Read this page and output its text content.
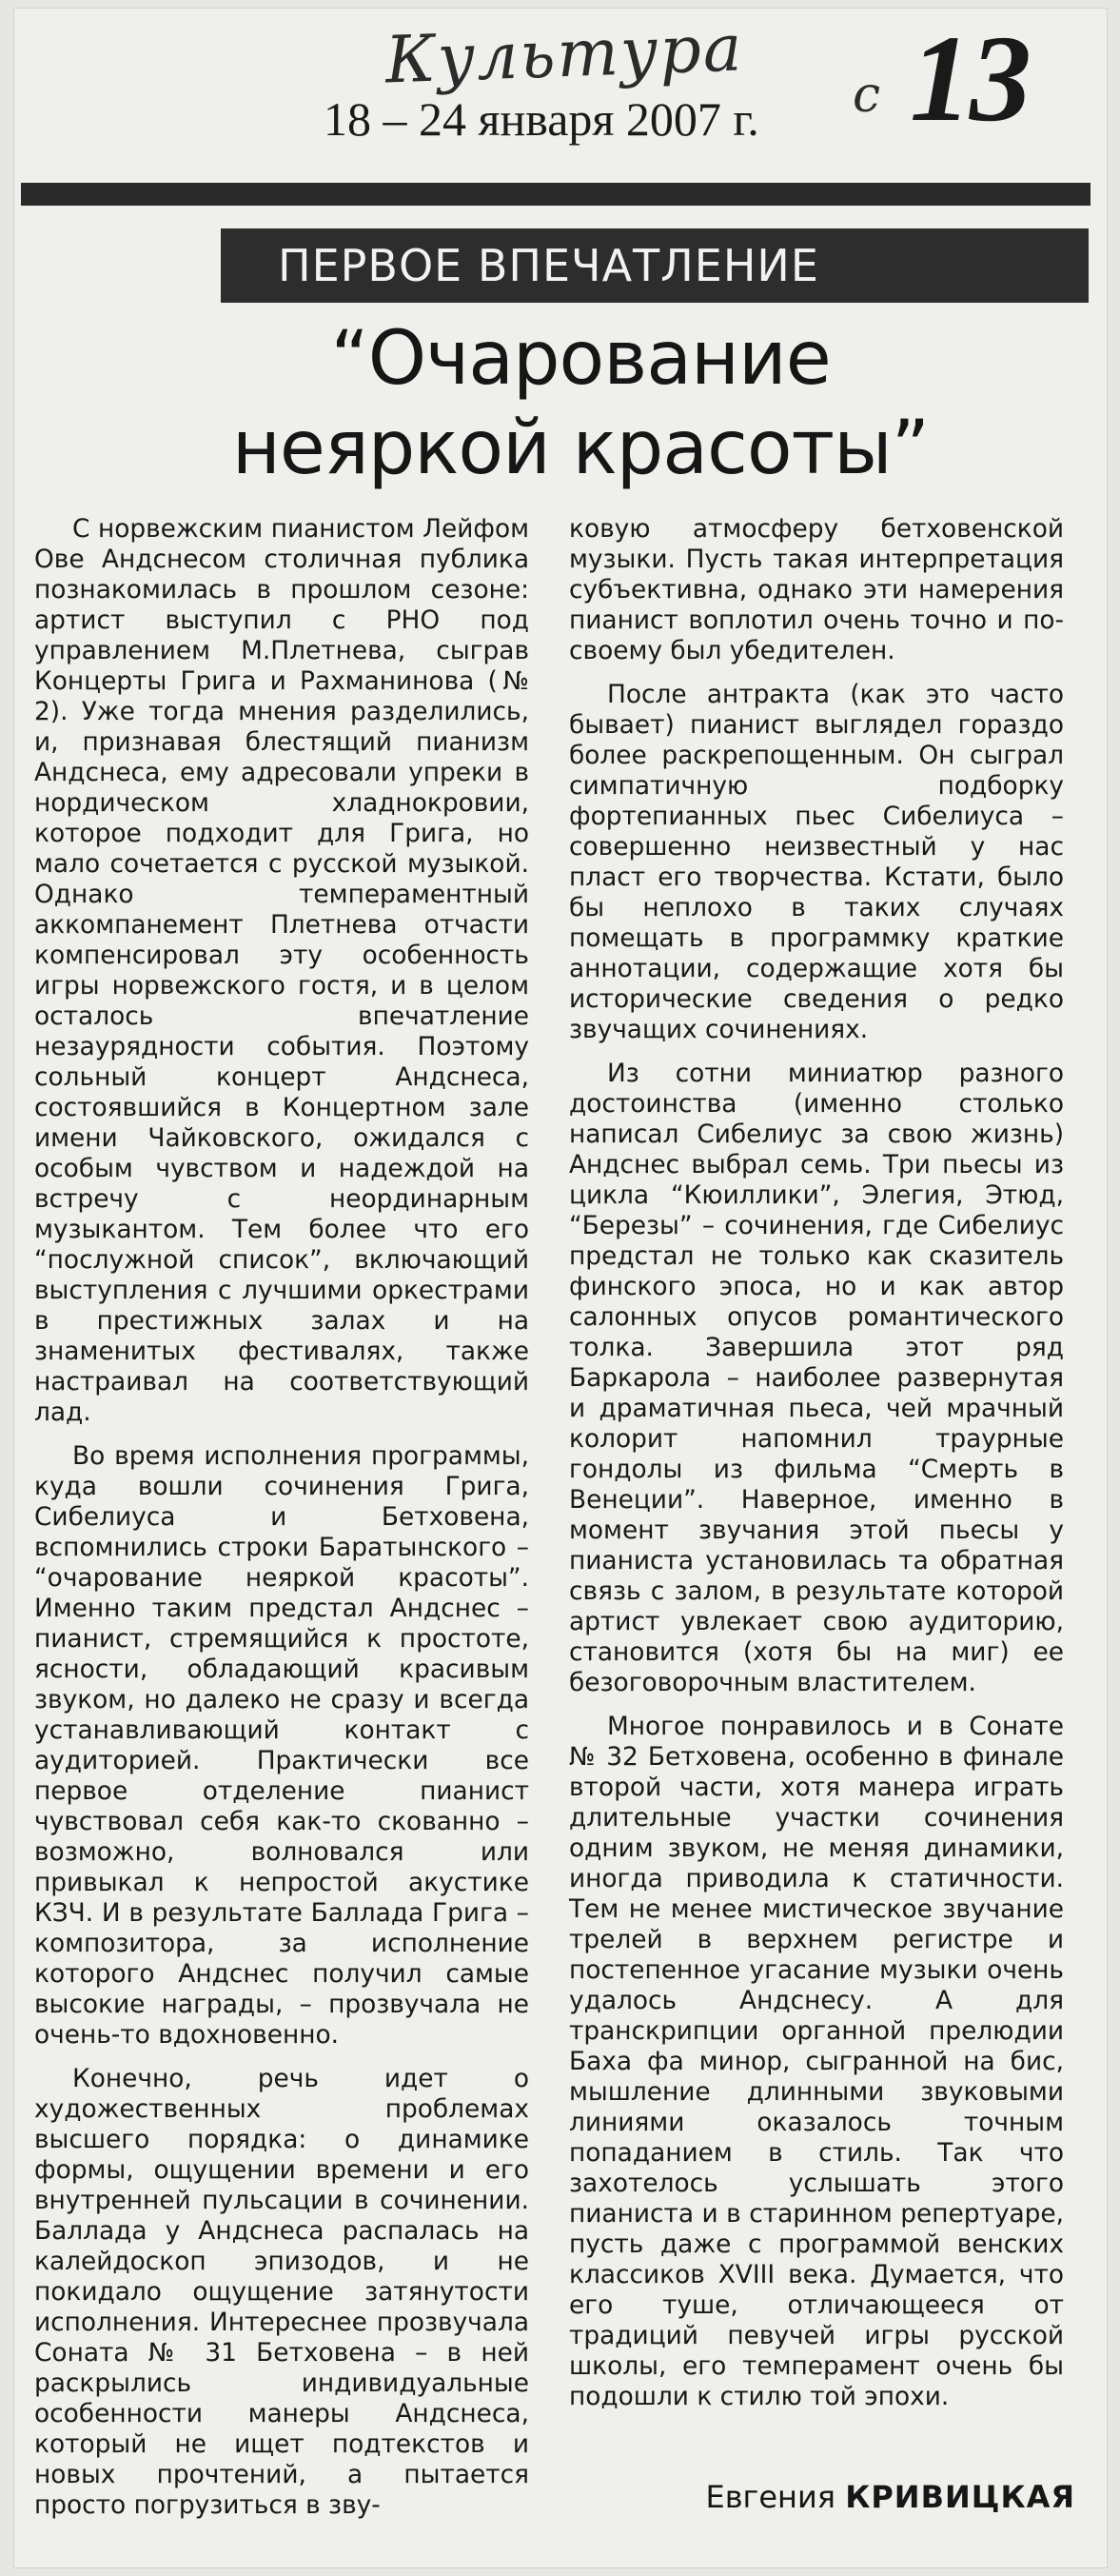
Культура с
18 – 24 января 2007 г. 13
ПЕРВОЕ ВПЕЧАТЛЕНИЕ
“Очарование
неяркой красоты”

С норвежским пианистом Лейфом Ове Андснесом столичная публика познакомилась в прошлом сезоне: артист выступил с РНО под управлением М.Плетнева, сыграв Концерты Грига и Рахманинова (№ 2). Уже тогда мнения разделились, и, признавая блестящий пианизм Андснеса, ему адресовали упреки в нордическом хладнокровии, которое подходит для Грига, но мало сочетается с русской музыкой. Однако темпераментный аккомпанемент Плетнева отчасти компенсировал эту особенность игры норвежского гостя, и в целом осталось впечатление незаурядности события. Поэтому сольный концерт Андснеса, состоявшийся в Концертном зале имени Чайковского, ожидался с особым чувством и надеждой на встречу с неординарным музыкантом. Тем более что его “послужной список”, включающий выступления с лучшими оркестрами в престижных залах и на знаменитых фестивалях, также настраивал на соответствующий лад.

Во время исполнения программы, куда вошли сочинения Грига, Сибелиуса и Бетховена, вспомнились строки Баратынского – “очарование неяркой красоты”. Именно таким предстал Андснес – пианист, стремящийся к простоте, ясности, обладающий красивым звуком, но далеко не сразу и всегда устанавливающий контакт с аудиторией. Практически все первое отделение пианист чувствовал себя как-то скованно – возможно, волновался или привыкал к непростой акустике КЗЧ. И в результате Баллада Грига – композитора, за исполнение которого Андснес получил самые высокие награды, – прозвучала не очень-то вдохновенно.

Конечно, речь идет о художественных проблемах высшего порядка: о динамике формы, ощущении времени и его внутренней пульсации в сочинении. Баллада у Андснеса распалась на калейдоскоп эпизодов, и не покидало ощущение затянутости исполнения. Интереснее прозвучала Соната № 31 Бетховена – в ней раскрылись индивидуальные особенности манеры Андснеса, который не ищет подтекстов и новых прочтений, а пытается просто погрузиться в зву-

ковую атмосферу бетховенской музыки. Пусть такая интерпретация субъективна, однако эти намерения пианист воплотил очень точно и по-своему был убедителен.

После антракта (как это часто бывает) пианист выглядел гораздо более раскрепощенным. Он сыграл симпатичную подборку фортепианных пьес Сибелиуса – совершенно неизвестный у нас пласт его творчества. Кстати, было бы неплохо в таких случаях помещать в программку краткие аннотации, содержащие хотя бы исторические сведения о редко звучащих сочинениях.

Из сотни миниатюр разного достоинства (именно столько написал Сибелиус за свою жизнь) Андснес выбрал семь. Три пьесы из цикла “Кюиллики”, Элегия, Этюд, “Березы” – сочинения, где Сибелиус предстал не только как сказитель финского эпоса, но и как автор салонных опусов романтического толка. Завершила этот ряд Баркарола – наиболее развернутая и драматичная пьеса, чей мрачный колорит напомнил траурные гондолы из фильма “Смерть в Венеции”. Наверное, именно в момент звучания этой пьесы у пианиста установилась та обратная связь с залом, в результате которой артист увлекает свою аудиторию, становится (хотя бы на миг) ее безоговорочным властителем.

Многое понравилось и в Сонате № 32 Бетховена, особенно в финале второй части, хотя манера играть длительные участки сочинения одним звуком, не меняя динамики, иногда приводила к статичности. Тем не менее мистическое звучание трелей в верхнем регистре и постепенное угасание музыки очень удалось Андснесу. А для транскрипции органной прелюдии Баха фа минор, сыгранной на бис, мышление длинными звуковыми линиями оказалось точным попаданием в стиль. Так что захотелось услышать этого пианиста и в старинном репертуаре, пусть даже с программой венских классиков XVIII века. Думается, что его туше, отличающееся от традиций певучей игры русской школы, его темперамент очень бы подошли к стилю той эпохи.

Евгения КРИВИЦКАЯ
